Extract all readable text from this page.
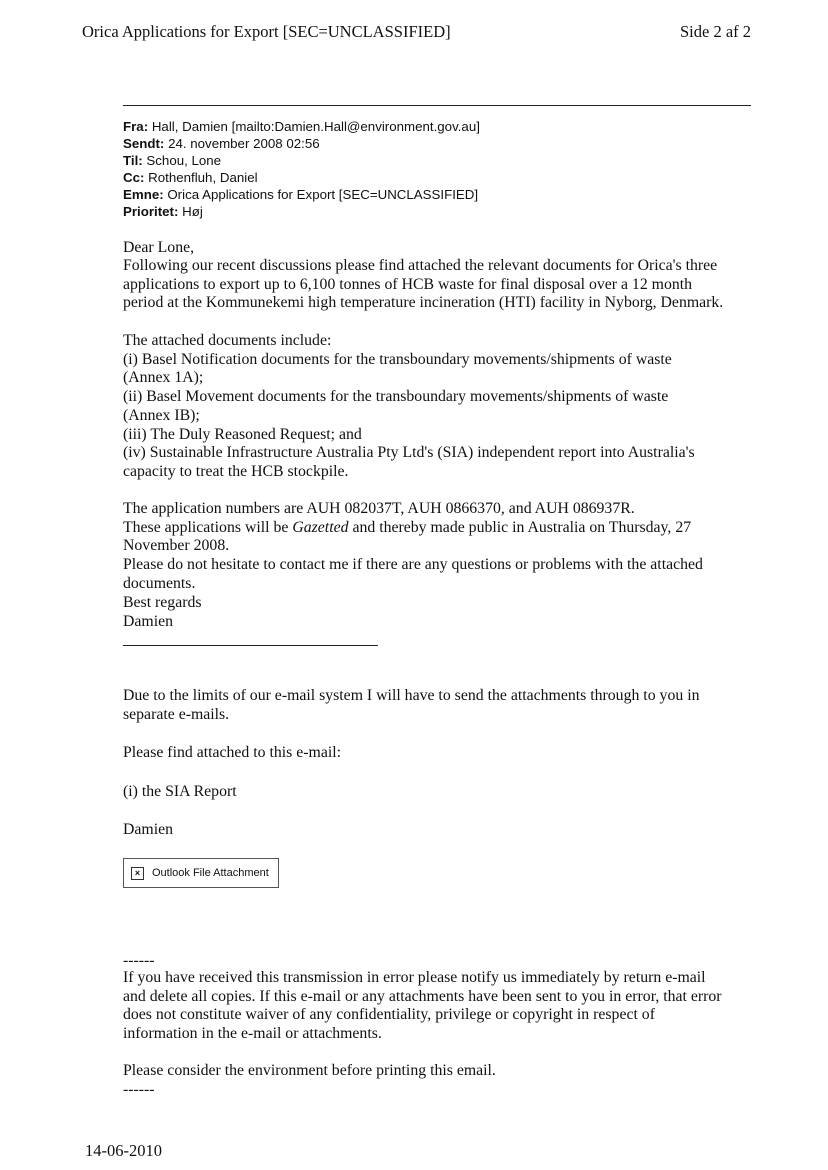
Orica Applications for Export [SEC=UNCLASSIFIED]	Side 2 af 2
Fra: Hall, Damien [mailto:Damien.Hall@environment.gov.au]
Sendt: 24. november 2008 02:56
Til: Schou, Lone
Cc: Rothenfluh, Daniel
Emne: Orica Applications for Export [SEC=UNCLASSIFIED]
Prioritet: Høj
Dear Lone,
Following our recent discussions please find attached the relevant documents for Orica's three
applications to export up to 6,100 tonnes of HCB waste for final disposal over a 12 month
period at the Kommunekemi high temperature incineration (HTI) facility in Nyborg, Denmark.
The attached documents include:
(i) Basel Notification documents for the transboundary movements/shipments of waste
(Annex 1A);
(ii) Basel Movement documents for the transboundary movements/shipments of waste
(Annex IB);
(iii) The Duly Reasoned Request; and
(iv) Sustainable Infrastructure Australia Pty Ltd's (SIA) independent report into Australia's
capacity to treat the HCB stockpile.
The application numbers are AUH 082037T, AUH 0866370, and AUH 086937R.
These applications will be Gazetted and thereby made public in Australia on Thursday, 27
November 2008.
Please do not hesitate to contact me if there are any questions or problems with the attached
documents.
Best regards
Damien
Due to the limits of our e-mail system I will have to send the attachments through to you in
separate e-mails.
Please find attached to this e-mail:
(i) the SIA Report
Damien
×	Outlook File Attachment
------
If you have received this transmission in error please notify us immediately by return e-mail
and delete all copies. If this e-mail or any attachments have been sent to you in error, that error
does not constitute waiver of any confidentiality, privilege or copyright in respect of
information in the e-mail or attachments.
Please consider the environment before printing this email.
------
14-06-2010
